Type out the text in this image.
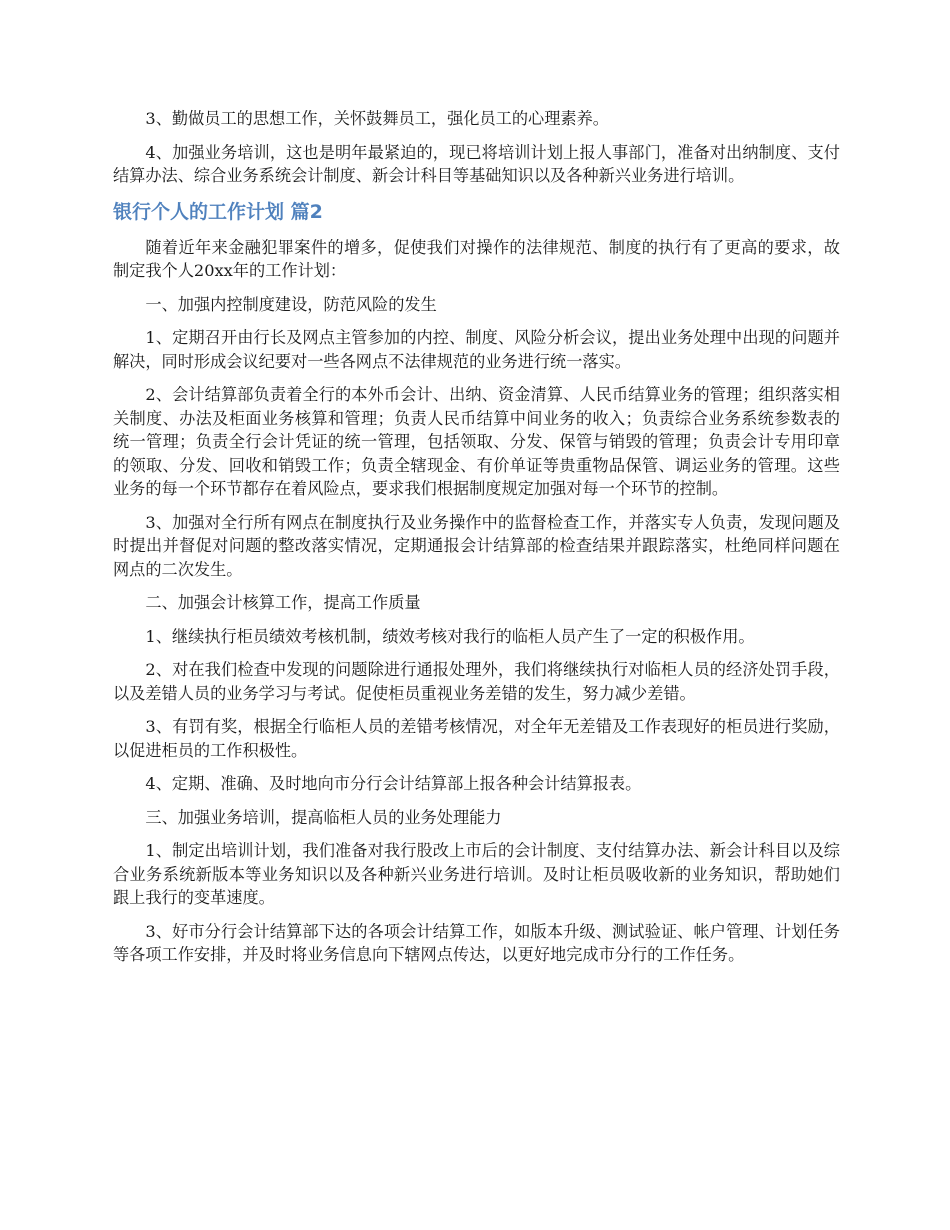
3、勤做员工的思想工作，关怀鼓舞员工，强化员工的心理素养。

4、加强业务培训，这也是明年最紧迫的，现已将培训计划上报人事部门，准备对出纳制度、支付结算办法、综合业务系统会计制度、新会计科目等基础知识以及各种新兴业务进行培训。

银行个人的工作计划 篇2

随着近年来金融犯罪案件的增多，促使我们对操作的法律规范、制度的执行有了更高的要求，故制定我个人20xx年的工作计划：

一、加强内控制度建设，防范风险的发生

1、定期召开由行长及网点主管参加的内控、制度、风险分析会议，提出业务处理中出现的问题并解决，同时形成会议纪要对一些各网点不法律规范的业务进行统一落实。

2、会计结算部负责着全行的本外币会计、出纳、资金清算、人民币结算业务的管理；组织落实相关制度、办法及柜面业务核算和管理；负责人民币结算中间业务的收入；负责综合业务系统参数表的统一管理；负责全行会计凭证的统一管理，包括领取、分发、保管与销毁的管理；负责会计专用印章的领取、分发、回收和销毁工作；负责全辖现金、有价单证等贵重物品保管、调运业务的管理。这些业务的每一个环节都存在着风险点，要求我们根据制度规定加强对每一个环节的控制。

3、加强对全行所有网点在制度执行及业务操作中的监督检查工作，并落实专人负责，发现问题及时提出并督促对问题的整改落实情况，定期通报会计结算部的检查结果并跟踪落实，杜绝同样问题在网点的二次发生。

二、加强会计核算工作，提高工作质量

1、继续执行柜员绩效考核机制，绩效考核对我行的临柜人员产生了一定的积极作用。

2、对在我们检查中发现的问题除进行通报处理外，我们将继续执行对临柜人员的经济处罚手段，以及差错人员的业务学习与考试。促使柜员重视业务差错的发生，努力减少差错。

3、有罚有奖，根据全行临柜人员的差错考核情况，对全年无差错及工作表现好的柜员进行奖励，以促进柜员的工作积极性。

4、定期、准确、及时地向市分行会计结算部上报各种会计结算报表。

三、加强业务培训，提高临柜人员的业务处理能力

1、制定出培训计划，我们准备对我行股改上市后的会计制度、支付结算办法、新会计科目以及综合业务系统新版本等业务知识以及各种新兴业务进行培训。及时让柜员吸收新的业务知识，帮助她们跟上我行的变革速度。

3、好市分行会计结算部下达的各项会计结算工作，如版本升级、测试验证、帐户管理、计划任务等各项工作安排，并及时将业务信息向下辖网点传达，以更好地完成市分行的工作任务。
